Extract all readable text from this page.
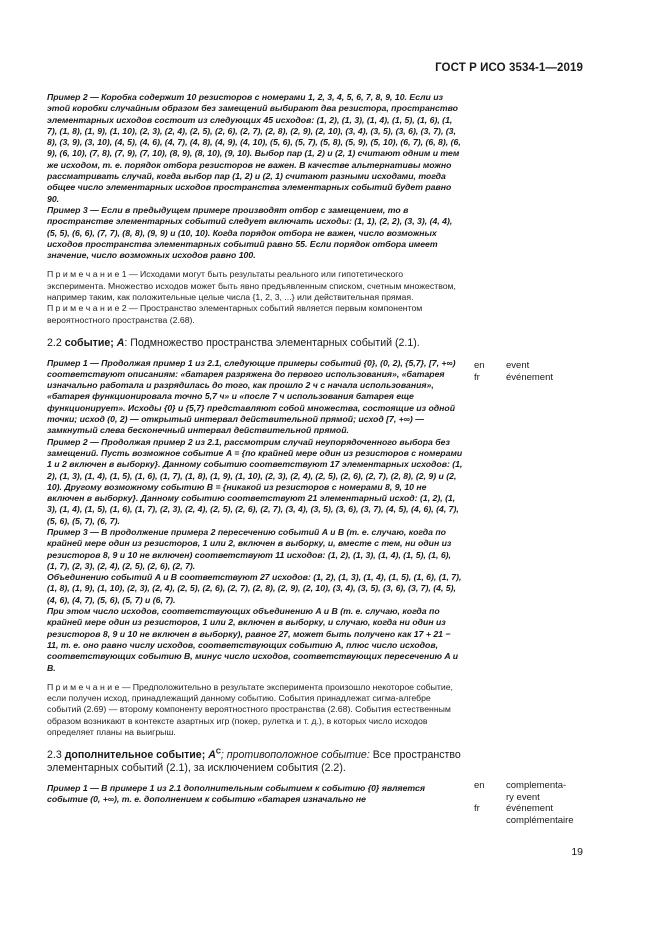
ГОСТ Р ИСО 3534-1—2019

Пример 2 — Коробка содержит 10 резисторов с номерами 1, 2, 3, 4, 5, 6, 7, 8, 9, 10. Если из этой коробки случайным образом без замещений выбирают два резистора, пространство элементарных исходов состоит из следующих 45 исходов: (1, 2), (1, 3), (1, 4), (1, 5), (1, 6), (1, 7), (1, 8), (1, 9), (1, 10), (2, 3), (2, 4), (2, 5), (2, 6), (2, 7), (2, 8), (2, 9), (2, 10), (3, 4), (3, 5), (3, 6), (3, 7), (3, 8), (3, 9), (3, 10), (4, 5), (4, 6), (4, 7), (4, 8), (4, 9), (4, 10), (5, 6), (5, 7), (5, 8), (5, 9), (5, 10), (6, 7), (6, 8), (6, 9), (6, 10), (7, 8), (7, 9), (7, 10), (8, 9), (8, 10), (9, 10). Выбор пар (1, 2) и (2, 1) считают одним и тем же исходом, т. е. порядок отбора резисторов не важен. В качестве альтернативы можно рассматривать случай, когда выбор пар (1, 2) и (2, 1) считают разными исходами, тогда общее число элементарных исходов пространства элементарных событий будет равно 90.

Пример 3 — Если в предыдущем примере производят отбор с замещением, то в пространстве элементарных событий следует включать исходы: (1, 1), (2, 2), (3, 3), (4, 4), (5, 5), (6, 6), (7, 7), (8, 8), (9, 9) и (10, 10). Когда порядок отбора не важен, число возможных исходов пространства элементарных событий равно 55. Если порядок отбора имеет значение, число возможных исходов равно 100.

П р и м е ч а н и е 1 — Исходами могут быть результаты реального или гипотетического эксперимента. Множество исходов может быть явно предъявленным списком, счетным множеством, например таким, как положительные целые числа {1, 2, 3, ...} или действительная прямая.

П р и м е ч а н и е 2 — Пространство элементарных событий является первым компонентом вероятностного пространства (2.68).

2.2 событие; A: Подмножество пространства элементарных событий (2.1).

Пример 1 — Продолжая пример 1 из 2.1, следующие примеры событий {0}, (0, 2), {5,7}, [7, +∞) соответствуют описаниям: «батарея разряжена до первого использования», «батарея изначально работала и разрядилась до того, как прошло 2 ч с начала использования», «батарея функционировала точно 5,7 ч» и «после 7 ч использования батарея еще функционирует». Исходы {0} и {5,7} представляют собой множества, состоящие из одной точки; исход (0, 2) — открытый интервал действительной прямой; исход [7, +∞) — замкнутый слева бесконечный интервал действительной прямой.

Пример 2 — Продолжая пример 2 из 2.1, рассмотрим случай неупорядоченного выбора без замещений. Пусть возможное событие A = {по крайней мере один из резисторов с номерами 1 и 2 включен в выборку}. Данному событию соответствуют 17 элементарных исходов: (1, 2), (1, 3), (1, 4), (1, 5), (1, 6), (1, 7), (1, 8), (1, 9), (1, 10), (2, 3), (2, 4), (2, 5), (2, 6), (2, 7), (2, 8), (2, 9) и (2, 10). Другому возможному событию B = {никакой из резисторов с номерами 8, 9, 10 не включен в выборку}. Данному событию соответствуют 21 элементарный исход: (1, 2), (1, 3), (1, 4), (1, 5), (1, 6), (1, 7), (2, 3), (2, 4), (2, 5), (2, 6), (2, 7), (3, 4), (3, 5), (3, 6), (3, 7), (4, 5), (4, 6), (4, 7), (5, 6), (5, 7), (6, 7).

Пример 3 — В продолжение примера 2 пересечению событий A и B (т. е. случаю, когда по крайней мере один из резисторов, 1 или 2, включен в выборку, и, вместе с тем, ни один из резисторов 8, 9 и 10 не включен) соответствуют 11 исходов: (1, 2), (1, 3), (1, 4), (1, 5), (1, 6), (1, 7), (2, 3), (2, 4), (2, 5), (2, 6), (2, 7).

Объединению событий A и B соответствуют 27 исходов: (1, 2), (1, 3), (1, 4), (1, 5), (1, 6), (1, 7), (1, 8), (1, 9), (1, 10), (2, 3), (2, 4), (2, 5), (2, 6), (2, 7), (2, 8), (2, 9), (2, 10), (3, 4), (3, 5), (3, 6), (3, 7), (4, 5), (4, 6), (4, 7), (5, 6), (5, 7) и (6, 7).

При этом число исходов, соответствующих объединению A и B (т. е. случаю, когда по крайней мере один из резисторов, 1 или 2, включен в выборку, и случаю, когда ни один из резисторов 8, 9 и 10 не включен в выборку), равное 27, может быть получено как 17 + 21 − 11, т. е. оно равно числу исходов, соответствующих событию A, плюс число исходов, соответствующих событию B, минус число исходов, соответствующих пересечению A и B.

П р и м е ч а н и е — Предположительно в результате эксперимента произошло некоторое событие, если получен исход, принадлежащий данному событию. События принадлежат сигма-алгебре событий (2.69) — второму компоненту вероятностного пространства (2.68). События естественным образом возникают в контексте азартных игр (покер, рулетка и т. д.), в которых число исходов определяет планы на выигрыш.

2.3 дополнительное событие; $A^C$; противоположное событие: Все пространство элементарных событий (2.1), за исключением события (2.2).

Пример 1 — В примере 1 из 2.1 дополнительным событием к событию {0} является событие (0, +∞), т. е. дополнением к событию «батарея изначально не

en	event
fr	événement
en	complementa-
ry event
fr	événement
complémentaire
19
